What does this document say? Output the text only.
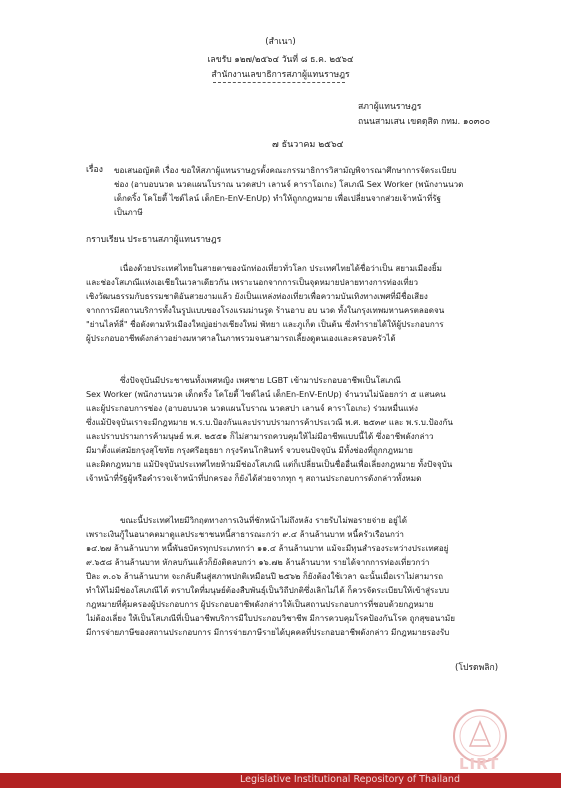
(สำเนา)
เลขรับ ๑๒๗/๒๕๖๔ วันที่ ๘ ธ.ค. ๒๕๖๔
สำนักงานเลขาธิการสภาผู้แทนราษฎร
สภาผู้แทนราษฎร
ถนนสามเสน เขตดุสิต กทม. ๑๐๓๐๐
๗ ธันวาคม ๒๕๖๔
เรื่อง ขอเสนอญัตติ เรื่อง ขอให้สภาผู้แทนราษฎรตั้งคณะกรรมาธิการวิสามัญพิจารณาศึกษาการจัดระเบียบ
ช่อง (อาบอบนวด นวดแผนโบราณ นวดสปา เลานจ์ คาราโอเกะ) โสเภณี Sex Worker (พนักงานนวด
เด็กดริ้ง โคโยตี้ ไซด์ไลน์ เด็กEn-EnV-EnUp) ทำให้ถูกกฎหมาย เพื่อเปลี่ยนจากส่วยเจ้าหน้าที่รัฐ
เป็นภาษี
กราบเรียน ประธานสภาผู้แทนราษฎร
เนื่องด้วยประเทศไทยในสายตาของนักท่องเที่ยวทั่วโลก ประเทศไทยได้ชื่อว่าเป็น สยามเมืองยิ้ม
และช่องโสเภณีแห่งเอเชียในเวลาเดียวกัน เพราะนอกจากการเป็นจุดหมายปลายทางการท่องเที่ยว
เชิงวัฒนธรรมกับธรรมชาติอันสวยงามแล้ว ยังเป็นแหล่งท่องเที่ยวเพื่อความบันเทิงทางเพศที่มีชื่อเสียง
จากการมีสถานบริการทั้งในรูปแบบของโรงแรมม่านรูด ร้านอาบ อบ นวด ทั้งในกรุงเทพมหานครตลอดจน
"ย่านไลท์ลี่" ชื่อดังตามหัวเมืองใหญ่อย่างเชียงใหม่ พัทยา และภูเก็ต เป็นต้น ซึ่งทำรายได้ให้ผู้ประกอบการ
ผู้ประกอบอาชีพดังกล่าวอย่างมหาศาลในภาพรวมจนสามารถเลี้ยงดูตนเองและครอบครัวได้
ซึ่งปัจจุบันมีประชาชนทั้งเพศหญิง เพศชาย LGBT เข้ามาประกอบอาชีพเป็นโสเภณี
Sex Worker (พนักงานนวด เด็กดริ้ง โคโยตี้ ไซด์ไลน์ เด็กEn-EnV-EnUp) จำนวนไม่น้อยกว่า ๕ แสนคน
และผู้ประกอบการช่อง (อาบอบนวด นวดแผนโบราณ นวดสปา เลานจ์ คาราโอเกะ) ร่วมหมื่นแห่ง
ซึ่งแม้ปัจจุบันเราจะมีกฎหมาย พ.ร.บ.ป้องกันและปราบปรามการค้าประเวณี พ.ศ. ๒๕๓๙ และ พ.ร.บ.ป้องกัน
และปราบปรามการค้ามนุษย์ พ.ศ. ๒๕๕๑ ก็ไม่สามารถควบคุมให้ไม่มีอาชีพแบบนี้ได้ ซึ่งอาชีพดังกล่าว
มีมาตั้งแต่สมัยกรุงสุโขทัย กรุงศรีอยุธยา กรุงรัตนโกสินทร์ จวบจนปัจจุบัน มีทั้งช่องที่ถูกกฎหมาย
และผิดกฎหมาย แม้ปัจจุบันประเทศไทยห้ามมีช่องโสเภณี แต่ก็เปลี่ยนเป็นชื่ออื่นเพื่อเลี่ยงกฎหมาย ทั้งปัจจุบัน
เจ้าหน้าที่รัฐผู้หรือคำรวจเจ้าหน้าที่ปกครอง ก็ยังได้ส่วยจากทุก ๆ สถานประกอบการดังกล่าวทั้งหมด
ขณะนี้ประเทศไทยมีวิกฤตทางการเงินที่ชักหน้าไม่ถึงหลัง รายรับไม่พอรายจ่าย อยู่ได้
เพราะเงินกู้ในอนาคตมาดูแลประชาชนหนี้สาธารณะกว่า ๙.๔ ล้านล้านบาท หนี้ครัวเรือนกว่า
๑๔.๒๗ ล้านล้านบาท หนี้พันธบัตรทุกประเภทกว่า ๑๑.๔ ล้านล้านบาท แม้จะมีทุนสำรองระหว่างประเทศอยู่
๙.๖๕๘ ล้านล้านบาท หักลบกันแล้วก็ยังติดลบกว่า ๑๖.๗๒ ล้านล้านบาท รายได้จากการท่องเที่ยวกว่า
ปีละ ๓.๐๖ ล้านล้านบาท จะกลับคืนสู่สภาพปกติเหมือนปี ๒๕๖๒ ก็ยังต้องใช้เวลา ฉะนั้นเมื่อเราไม่สามารถ
ทำให้ไม่มีช่องโสเภณีได้ ตราบใดที่มนุษย์ต้องสืบพันธุ์เป็นวิถีปกติซึ่งเลิกไม่ได้ ก็ควรจัดระเบียบให้เข้าสู่ระบบ
กฎหมายที่คุ้มครองผู้ประกอบการ ผู้ประกอบอาชีพดังกล่าวให้เป็นสถานประกอบการที่ชอบด้วยกฎหมาย
ไม่ต้องเลี่ยง ให้เป็นโสเภณีที่เป็นอาชีพบริการมีใบประกอบวิชาชีพ มีการควบคุมโรคป้องกันโรค ถูกสุขอนามัย
มีการจ่ายภาษีของสถานประกอบการ มีการจ่ายภาษีรายได้บุคคลที่ประกอบอาชีพดังกล่าว มีกฎหมายรองรับ
(โปรดพลิก)
LIRT
Legislative Institutional Repository of Thailand
